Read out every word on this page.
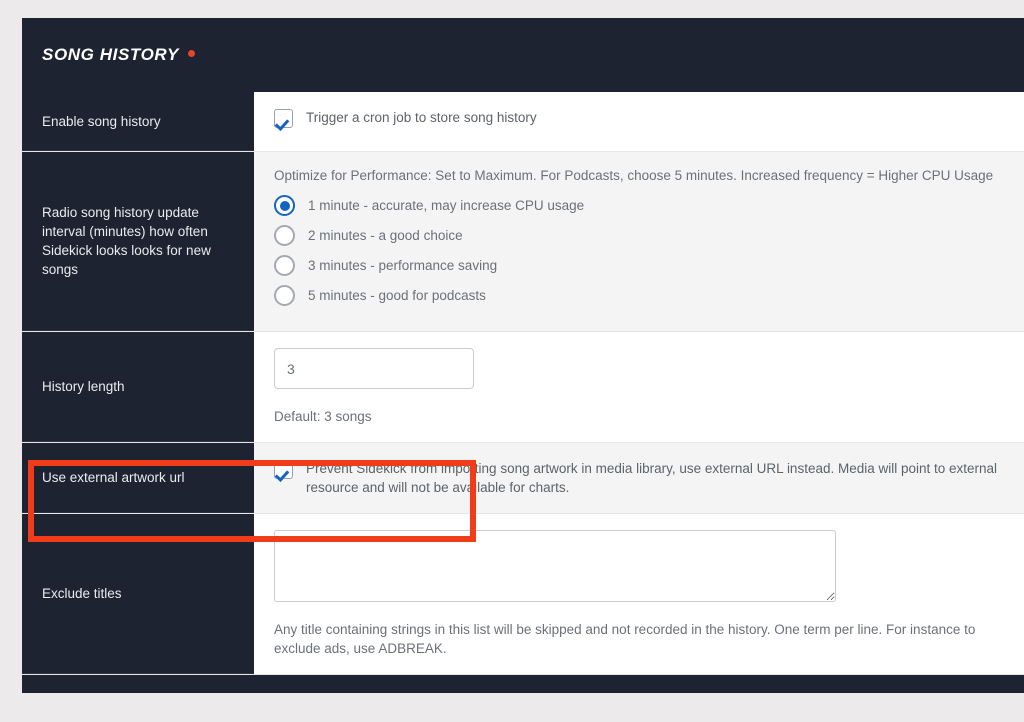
SONG HISTORY
Enable song history	Trigger a cron job to store song history
Radio song history update interval (minutes) how often Sidekick looks looks for new songs
Optimize for Performance: Set to Maximum. For Podcasts, choose 5 minutes. Increased frequency = Higher CPU Usage
1 minute - accurate, may increase CPU usage
2 minutes - a good choice
3 minutes - performance saving
5 minutes - good for podcasts
History length
3
Default: 3 songs
Use external artwork url
Prevent Sidekick from importing song artwork in media library, use external URL instead. Media will point to external resource and will not be available for charts.
Exclude titles
Any title containing strings in this list will be skipped and not recorded in the history. One term per line. For instance to exclude ads, use ADBREAK.
